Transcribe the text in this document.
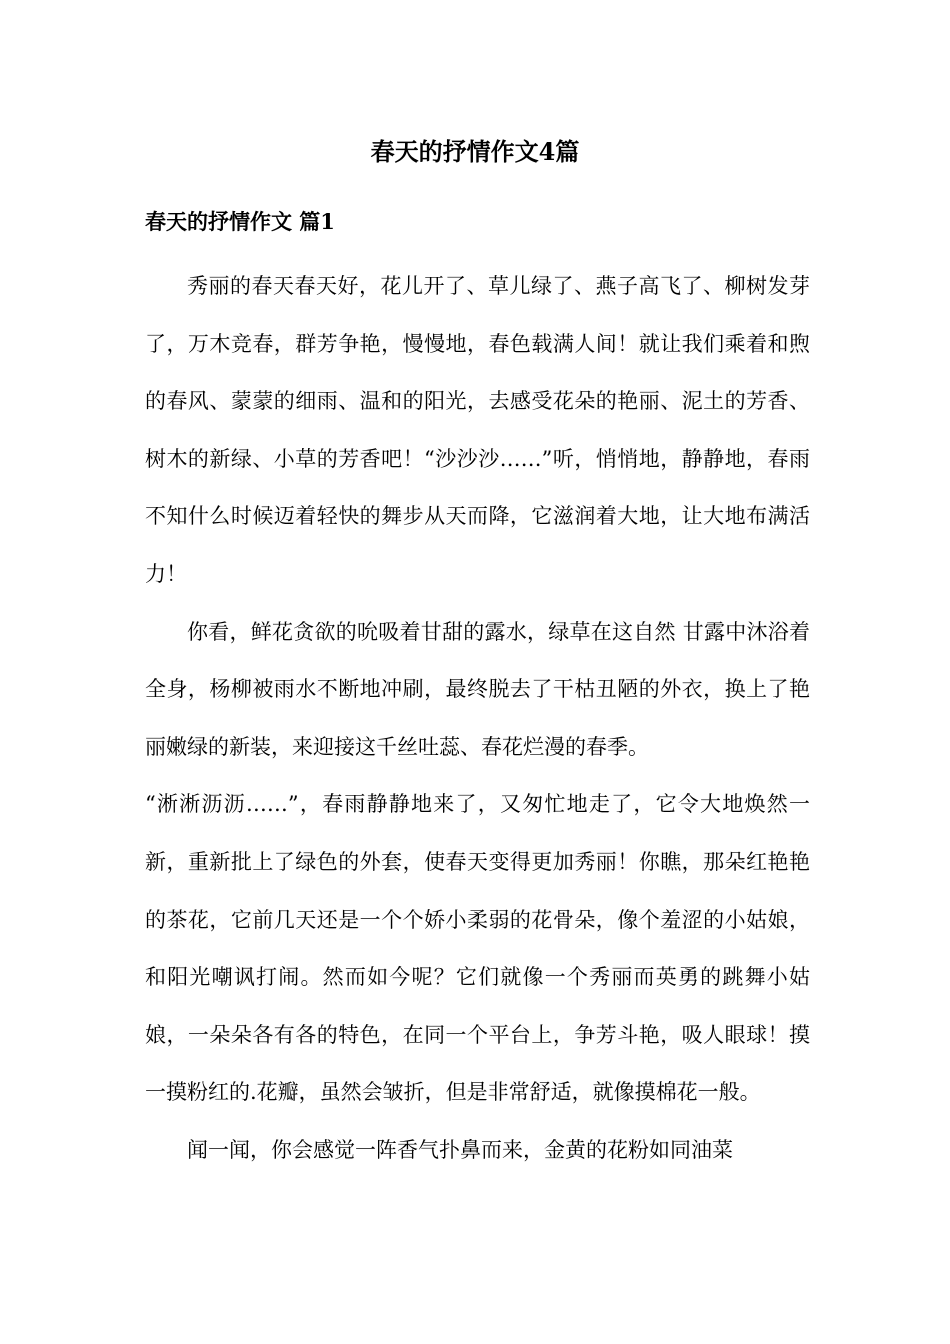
春天的抒情作文4篇
春天的抒情作文 篇1

秀丽的春天春天好，花儿开了、草儿绿了、燕子高飞了、柳树发芽了，万木竞春，群芳争艳，慢慢地，春色载满人间！就让我们乘着和煦的春风、蒙蒙的细雨、温和的阳光，去感受花朵的艳丽、泥土的芳香、树木的新绿、小草的芳香吧！“沙沙沙……”听，悄悄地，静静地，春雨不知什么时候迈着轻快的舞步从天而降，它滋润着大地，让大地布满活力！

你看，鲜花贪欲的吮吸着甘甜的露水，绿草在这自然 甘露中沐浴着全身，杨柳被雨水不断地冲刷，最终脱去了干枯丑陋的外衣，换上了艳丽嫩绿的新装，来迎接这千丝吐蕊、春花烂漫的春季。

“淅淅沥沥……”，春雨静静地来了，又匆忙地走了，它令大地焕然一新，重新批上了绿色的外套，使春天变得更加秀丽！你瞧，那朵红艳艳的茶花，它前几天还是一个个娇小柔弱的花骨朵，像个羞涩的小姑娘，和阳光嘲讽打闹。然而如今呢？它们就像一个秀丽而英勇的跳舞小姑娘，一朵朵各有各的特色，在同一个平台上，争芳斗艳，吸人眼球！摸一摸粉红的.花瓣，虽然会皱折，但是非常舒适，就像摸棉花一般。

闻一闻，你会感觉一阵香气扑鼻而来，金黄的花粉如同油菜
